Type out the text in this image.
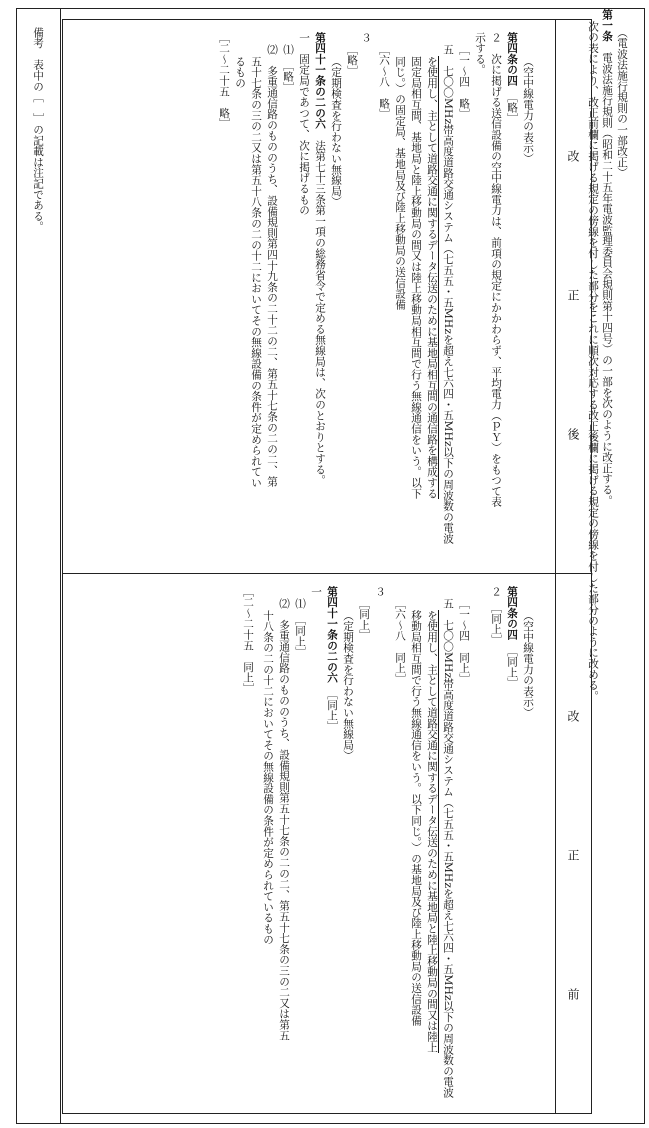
（電波法施行規則の一部改正）
第一条　電波法施行規則（昭和二十五年電波監理委員会規則第十四号）の一部を次のように改正する。
次の表により、改正前欄に掲げる規定の傍線を付した部分をこれに順次対応する改正後欄に掲げる規定の傍線を付した部分のように改める。
改
正
後
改
正
前
（空中線電力の表示）
第四条の四　［略］
２　次に掲げる送信設備の空中線電力は、前項の規定にかかわらず、平均電力（ｐＹ）をもつて表
示する。
［一～四　略］
五　七〇〇MHz帯高度道路交通システム（七五五・五MHzを超え七六四・五MHz以下の周波数の電波
を使用し、主として道路交通に関するデータ伝送のために基地局相互間の通信路を構成する
固定局相互間、基地局と陸上移動局の間又は陸上移動局相互間で行う無線通信をいう。以下
同じ。）の固定局、基地局及び陸上移動局の送信設備
［六～八　略］
３
［略］
（定期検査を行わない無線局）
第四十一条の二の六　法第七十三条第一項の総務省令で定める無線局は、次のとおりとする。
一　固定局であつて、次に掲げるもの
⑴　［略］
⑵　多重通信路のもののうち、設備規則第四十九条の二十二の二、第五十七条の二の二、第
五十七条の三の二又は第五十八条の二の十二においてその無線設備の条件が定められてい
るもの
［二～二十五　略］
（空中線電力の表示）
第四条の四　［同上］
２　［同上］
［一～四　同上］
五　七〇〇MHz帯高度道路交通システム（七五五・五MHzを超え七六四・五MHz以下の周波数の電波
を使用し、主として道路交通に関するデータ伝送のために基地局と陸上移動局の間又は陸上
移動局相互間で行う無線通信をいう。以下同じ。）の基地局及び陸上移動局の送信設備
［六～八　同上］
３
［同上］
（定期検査を行わない無線局）
第四十一条の二の六　［同上］
一
⑴　［同上］
⑵　多重通信路のもののうち、設備規則第五十七条の二の二、第五十七条の三の二又は第五
十八条の二の十二においてその無線設備の条件が定められているもの
［二～二十五　同上］
備考　表中の［　］の記載は注記である。
